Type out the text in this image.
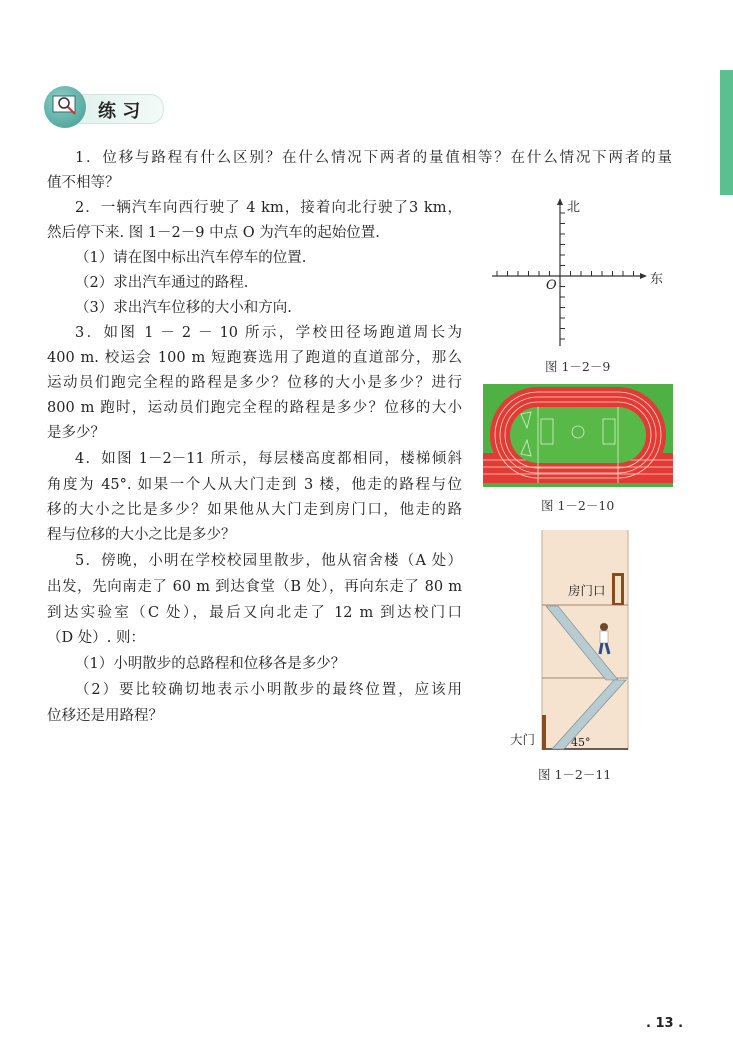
练 习
1．位移与路程有什么区别？在什么情况下两者的量值相等？在什么情况下两者的量
值不相等？
2．一辆汽车向西行驶了 4 km，接着向北行驶了3 km，
然后停下来. 图 1－2－9 中点 O 为汽车的起始位置.
（1）请在图中标出汽车停车的位置.
（2）求出汽车通过的路程.
（3）求出汽车位移的大小和方向.
3．如图 1 － 2 － 10 所示，学校田径场跑道周长为
400 m. 校运会 100 m 短跑赛选用了跑道的直道部分，那么
运动员们跑完全程的路程是多少？位移的大小是多少？进行
800 m 跑时，运动员们跑完全程的路程是多少？位移的大小
是多少？
4．如图 1－2－11 所示，每层楼高度都相同，楼梯倾斜
角度为 45°. 如果一个人从大门走到 3 楼，他走的路程与位
移的大小之比是多少？如果他从大门走到房门口，他走的路
程与位移的大小之比是多少？
5．傍晚，小明在学校校园里散步，他从宿舍楼（A 处）
出发，先向南走了 60 m 到达食堂（B 处），再向东走了 80 m
到达实验室（C 处），最后又向北走了 12 m 到达校门口
（D 处）. 则：
（1）小明散步的总路程和位移各是多少？
（2）要比较确切地表示小明散步的最终位置，应该用
位移还是用路程？
北
东
O
图 1－2－9
图 1－2－10
房门口
大门	45°
图 1－2－11
. 13 .
